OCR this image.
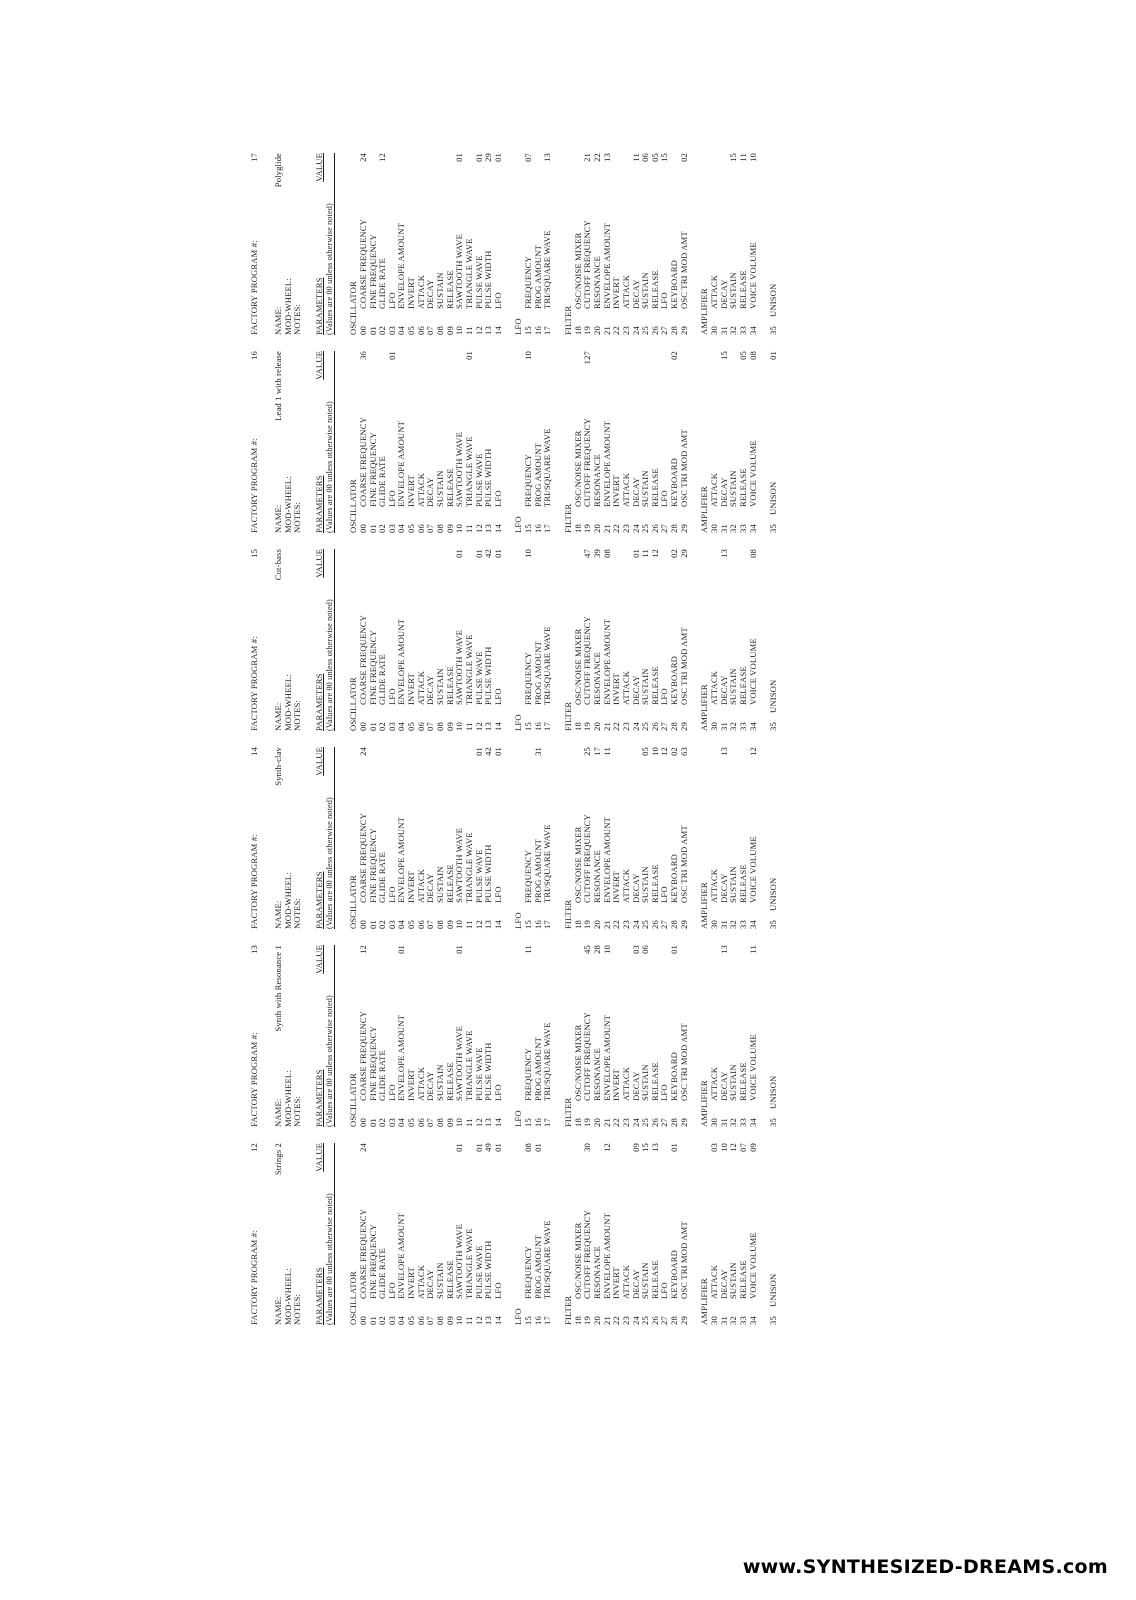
FACTORY PROGRAM #:
12
NAME:
Strings 2
MOD-WHEEL: NOTES: PARAMETERS
VALUE
(Values are 00 unless otherwise noted) OSCILLATOR 00COARSE FREQUENCY
24
01FINE FREQUENCY
02GLIDE RATE
03LFO
04ENVELOPE AMOUNT
05INVERT
06ATTACK
07DECAY
08SUSTAIN
09RELEASE
10SAWTOOTH WAVE
01
11TRIANGLE WAVE
12PULSE WAVE
01
13PULSE WIDTH
49
14LFO
01
LFO 15FREQUENCY
08
16PROG AMOUNT
01
17TRI/SQUARE WAVE
FILTER 18OSC/NOISE MIXER
19CUTOFF FREQUENCY
30
20RESONANCE
21ENVELOPE AMOUNT
12
22INVERT
23ATTACK
24DECAY
09
25SUSTAIN
15
26RELEASE
13
27LFO
28KEYBOARD
01
29OSC TRI MOD AMT
AMPLIFIER 30ATTACK
03
31DECAY
10
32SUSTAIN
12
33RELEASE
07
34VOICE VOLUME
09
35UNISON
FACTORY PROGRAM #:
13
NAME:
Synth with Resonance 1
MOD-WHEEL: NOTES: PARAMETERS
VALUE
(Values are 00 unless otherwise noted) OSCILLATOR 00COARSE FREQUENCY
12
01FINE FREQUENCY
02GLIDE RATE
03LFO
04ENVELOPE AMOUNT
01
05INVERT
06ATTACK
07DECAY
08SUSTAIN
09RELEASE
10SAWTOOTH WAVE
01
11TRIANGLE WAVE
12PULSE WAVE
13PULSE WIDTH
14LFO
LFO 15FREQUENCY
11
16PROG AMOUNT
17TRI/SQUARE WAVE
FILTER 18OSC/NOISE MIXER
19CUTOFF FREQUENCY
45
20RESONANCE
28
21ENVELOPE AMOUNT
10
22INVERT
23ATTACK
24DECAY
03
25SUSTAIN
06
26RELEASE
27LFO
28KEYBOARD
01
29OSC TRI MOD AMT
AMPLIFIER 30ATTACK
31DECAY
13
32SUSTAIN
33RELEASE
34VOICE VOLUME
11
35UNISON
FACTORY PROGRAM #:
14
NAME:
Synth-clav
MOD-WHEEL: NOTES: PARAMETERS
VALUE
(Values are 00 unless otherwise noted) OSCILLATOR 00COARSE FREQUENCY
24
01FINE FREQUENCY
02GLIDE RATE
03LFO
04ENVELOPE AMOUNT
05INVERT
06ATTACK
07DECAY
08SUSTAIN
09RELEASE
10SAWTOOTH WAVE
11TRIANGLE WAVE
12PULSE WAVE
01
13PULSE WIDTH
42
14LFO
01
LFO 15FREQUENCY
16PROG AMOUNT
31
17TRI/SQUARE WAVE
FILTER 18OSC/NOISE MIXER
19CUTOFF FREQUENCY
25
20RESONANCE
17
21ENVELOPE AMOUNT
11
22INVERT
23ATTACK
24DECAY
25SUSTAIN
05
26RELEASE
10
27LFO
12
28KEYBOARD
02
29OSC TRI MOD AMT
63
AMPLIFIER 30ATTACK
31DECAY
13
32SUSTAIN
33RELEASE
34VOICE VOLUME
12
35UNISON
FACTORY PROGRAM #:
15
NAME:
Cut-bass
MOD-WHEEL: NOTES: PARAMETERS
VALUE
(Values are 00 unless otherwise noted) OSCILLATOR 00COARSE FREQUENCY
01FINE FREQUENCY
02GLIDE RATE
03LFO
04ENVELOPE AMOUNT
05INVERT
06ATTACK
07DECAY
08SUSTAIN
09RELEASE
10SAWTOOTH WAVE
01
11TRIANGLE WAVE
12PULSE WAVE
01
13PULSE WIDTH
42
14LFO
01
LFO 15FREQUENCY
10
16PROG AMOUNT
17TRI/SQUARE WAVE
FILTER 18OSC/NOISE MIXER
19CUTOFF FREQUENCY
47
20RESONANCE
39
21ENVELOPE AMOUNT
08
22INVERT
23ATTACK
24DECAY
01
25SUSTAIN
11
26RELEASE
12
27LFO
28KEYBOARD
02
29OSC TRI MOD AMT
29
AMPLIFIER 30ATTACK
31DECAY
13
32SUSTAIN
33RELEASE
34VOICE VOLUME
08
35UNISON
FACTORY PROGRAM #:
16
NAME:
Lead 1 with release
MOD-WHEEL: NOTES: PARAMETERS
VALUE
(Values are 00 unless otherwise noted) OSCILLATOR 00COARSE FREQUENCY
36
01FINE FREQUENCY
02GLIDE RATE
03LFO
01
04ENVELOPE AMOUNT
05INVERT
06ATTACK
07DECAY
08SUSTAIN
09RELEASE
10SAWTOOTH WAVE
11TRIANGLE WAVE
01
12PULSE WAVE
13PULSE WIDTH
14LFO
LFO 15FREQUENCY
10
16PROG AMOUNT
17TRI/SQUARE WAVE
FILTER 18OSC/NOISE MIXER
19CUTOFF FREQUENCY
127
20RESONANCE
21ENVELOPE AMOUNT
22INVERT
23ATTACK
24DECAY
25SUSTAIN
26RELEASE
27LFO
28KEYBOARD
02
29OSC TRI MOD AMT
AMPLIFIER 30ATTACK
31DECAY
15
32SUSTAIN
33RELEASE
05
34VOICE VOLUME
08
35UNISON
01
FACTORY PROGRAM #:
17
NAME:
Polyglide
MOD-WHEEL: NOTES: PARAMETERS
VALUE
(Values are 00 unless otherwise noted) OSCILLATOR 00COARSE FREQUENCY
24
01FINE FREQUENCY
02GLIDE RATE
12
03LFO
04ENVELOPE AMOUNT
05INVERT
06ATTACK
07DECAY
08SUSTAIN
09RELEASE
10SAWTOOTH WAVE
01
11TRIANGLE WAVE
12PULSE WAVE
01
13PULSE WIDTH
29
14LFO
01
LFO 15FREQUENCY
07
16PROG AMOUNT
17TRI/SQUARE WAVE
13
FILTER 18OSC/NOISE MIXER
19CUTOFF FREQUENCY
21
20RESONANCE
22
21ENVELOPE AMOUNT
13
22INVERT
23ATTACK
24DECAY
11
25SUSTAIN
06
26RELEASE
05
27LFO
15
28KEYBOARD
29OSC TRI MOD AMT
02
AMPLIFIER 30ATTACK
31DECAY
32SUSTAIN
15
33RELEASE
11
34VOICE VOLUME
10
35UNISON
www.SYNTHESIZED-DREAMS.com
